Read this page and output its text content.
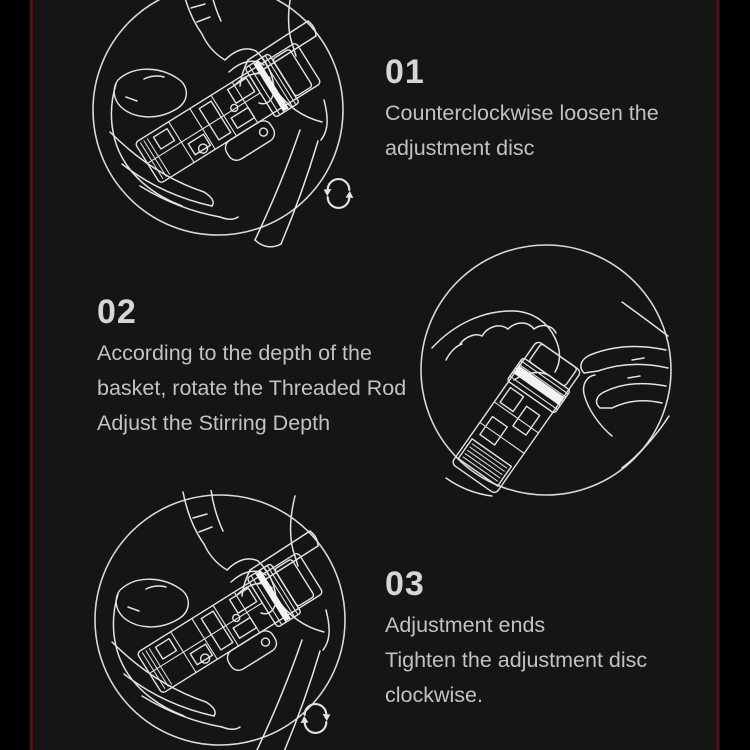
01

Counterclockwise loosen the

adjustment disc

02

According to the depth of the

basket, rotate the Threaded Rod

Adjust the Stirring Depth

03

Adjustment ends

Tighten the adjustment disc

clockwise.
